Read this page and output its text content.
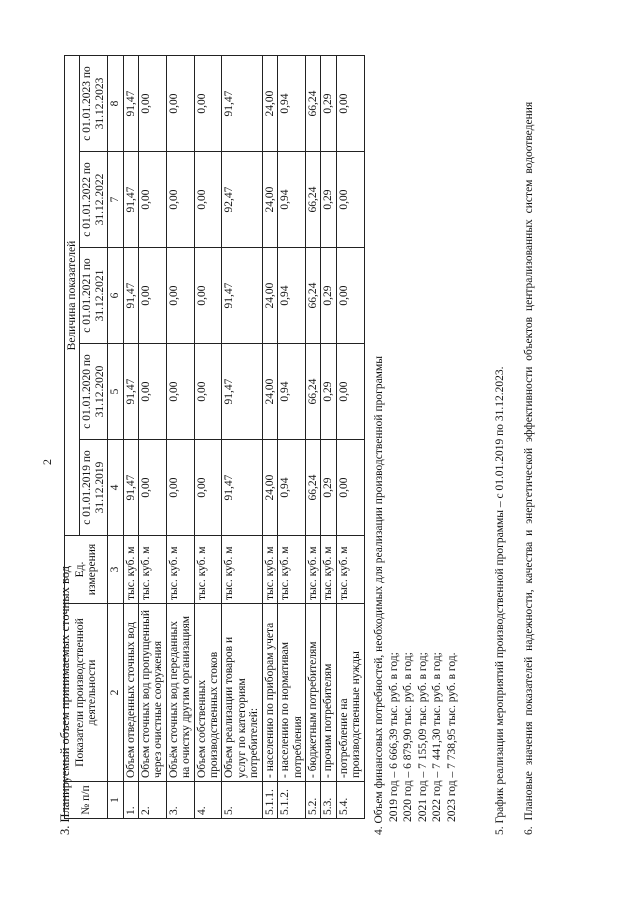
2
3. Планируемый объем принимаемых сточных вод № п/п	Показатели производственной деятельности	Ед. измерения	Величина показателей				
			с 01.01.2019 по 31.12.2019	с 01.01.2020 по 31.12.2020	с 01.01.2021 по 31.12.2021	с 01.01.2022 по 31.12.2022	с 01.01.2023 по 31.12.2023
1	2	3	4	5	6	7	8
1.	Объем отведенных сточных вод	тыс. куб. м	91,47	91,47	91,47	91,47	91,47
2.	Объем сточных вод пропущенный через очистные сооружения	тыс. куб. м	0,00	0,00	0,00	0,00	0,00
3.	Объём сточных вод переданных на очистку другим организациям	тыс. куб. м	0,00	0,00	0,00	0,00	0,00
4.	Объем собственных производственных стоков	тыс. куб. м	0,00	0,00	0,00	0,00	0,00
5.	Объем реализации товаров и услуг по категориям потребителей:	тыс. куб. м	91,47	91,47	91,47	92,47	91,47
5.1.1.	- населению по приборам учета	тыс. куб. м	24,00	24,00	24,00	24,00	24,00
5.1.2.	- населению по нормативам потребления	тыс. куб. м	0,94	0,94	0,94	0,94	0,94
5.2.	- бюджетным потребителям	тыс. куб. м	66,24	66,24	66,24	66,24	66,24
5.3.	- прочим потребителям	тыс. куб. м	0,29	0,29	0,29	0,29	0,29
5.4.	-потребление на производственные нужды	тыс. куб. м	0,00	0,00	0,00	0,00	0,00
4. Объем финансовых потребностей, необходимых для реализации производственной программы 2019 год – 6 666,39 тыс. руб. в год; 2020 год – 6 879,90 тыс. руб. в год; 2021 год – 7 155,09 тыс. руб. в год; 2022 год – 7 441,30 тыс. руб. в год; 2023 год – 7 738,95 тыс. руб. в год.	5. График реализации мероприятий производственной программы – с 01.01.2019 по 31.12.2023. 6. Плановые значения показателей надежности, качества и энергетической эффективности объектов централизованных систем водоотведения
